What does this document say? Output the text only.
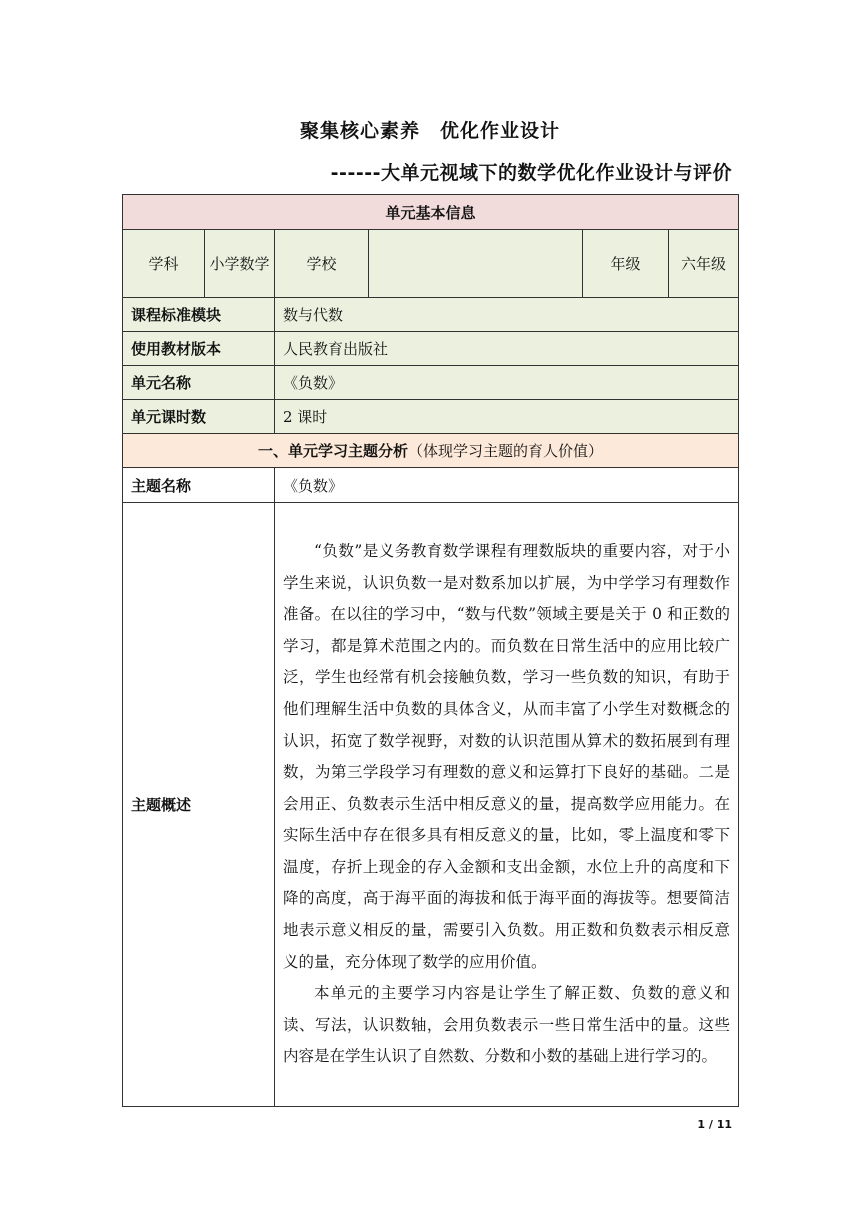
聚集核心素养　优化作业设计
------大单元视域下的数学优化作业设计与评价
单元基本信息					
学科	小学数学	学校		年级	六年级
课程标准模块		数与代数			
使用教材版本		人民教育出版社			
单元名称		《负数》			
单元课时数		2 课时			
一、单元学习主题分析（体现学习主题的育人价值）					
主题名称		《负数》			
主题概述		“负数”是义务教育数学课程有理数版块的重要内容，对于小学生来说，认识负数一是对数系加以扩展，为中学学习有理数作准备。在以往的学习中，“数与代数”领域主要是关于 0 和正数的学习，都是算术范围之内的。而负数在日常生活中的应用比较广泛，学生也经常有机会接触负数，学习一些负数的知识，有助于他们理解生活中负数的具体含义，从而丰富了小学生对数概念的认识，拓宽了数学视野，对数的认识范围从算术的数拓展到有理数，为第三学段学习有理数的意义和运算打下良好的基础。二是会用正、负数表示生活中相反意义的量，提高数学应用能力。在实际生活中存在很多具有相反意义的量，比如，零上温度和零下温度，存折上现金的存入金额和支出金额，水位上升的高度和下降的高度，高于海平面的海拔和低于海平面的海拔等。想要简洁地表示意义相反的量，需要引入负数。用正数和负数表示相反意义的量，充分体现了数学的应用价值。

本单元的主要学习内容是让学生了解正数、负数的意义和读、写法，认识数轴，会用负数表示一些日常生活中的量。这些内容是在学生认识了自然数、分数和小数的基础上进行学习的。			

1 / 11
